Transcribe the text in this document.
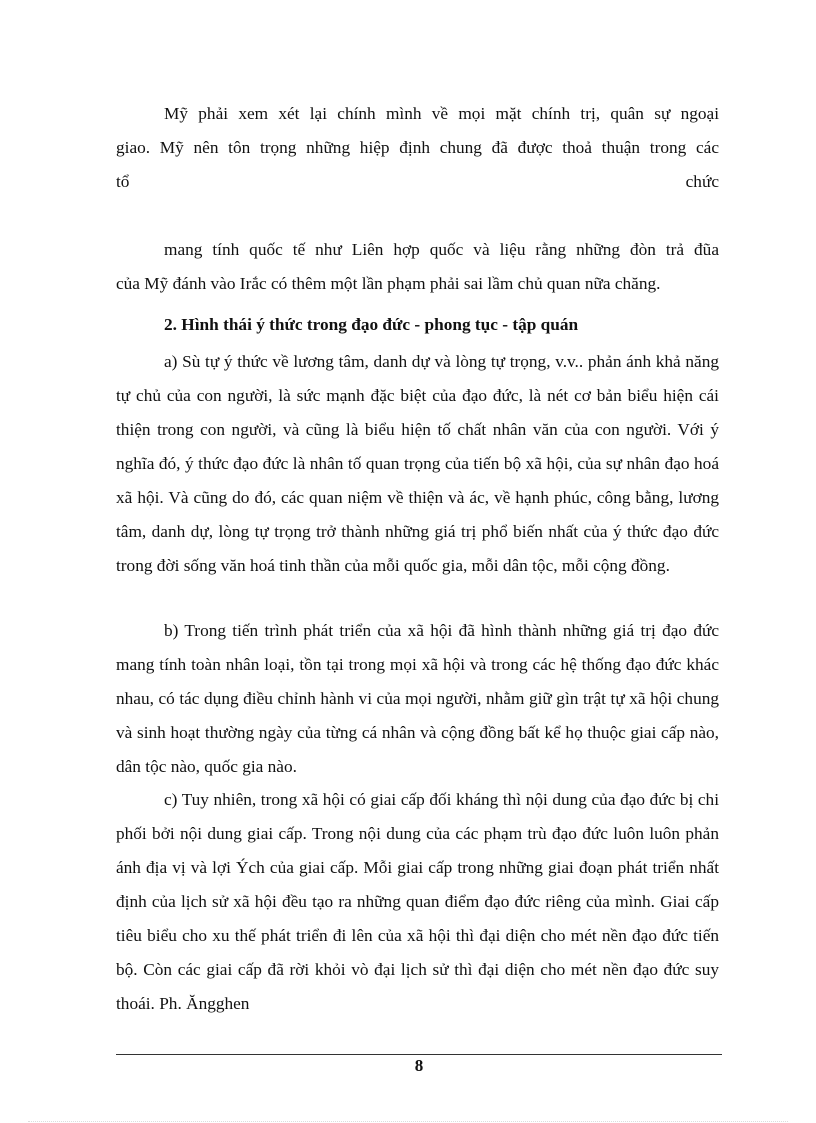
Mỹ phải xem xét lại chính mình về mọi mặt chính trị, quân sự ngoại

giao. Mỹ nên tôn trọng những hiệp định chung đã được thoả thuận trong các

tổ chức

mang tính quốc tế như Liên hợp quốc và liệu rằng những đòn trả đũa

của Mỹ đánh vào Irắc có thêm một lần phạm phải sai lầm chủ quan nữa chăng.

2. Hình thái ý thức trong đạo đức - phong tục - tập quán

a) Sù tự ý thức về lương tâm, danh dự và lòng tự trọng, v.v.. phản ánh khả năng tự chủ của con người, là sức mạnh đặc biệt của đạo đức, là nét cơ bản biểu hiện cái thiện trong con người, và cũng là biểu hiện tố chất nhân văn của con người. Với ý nghĩa đó, ý thức đạo đức là nhân tố quan trọng của tiến bộ xã hội, của sự nhân đạo hoá xã hội. Và cũng do đó, các quan niệm về thiện và ác, về hạnh phúc, công bằng, lương tâm, danh dự, lòng tự trọng trở thành những giá trị phổ biến nhất của ý thức đạo đức trong đời sống văn hoá tinh thần của mỗi quốc gia, mỗi dân tộc, mỗi cộng đồng.

b) Trong tiến trình phát triển của xã hội đã hình thành những giá trị đạo đức mang tính toàn nhân loại, tồn tại trong mọi xã hội và trong các hệ thống đạo đức khác nhau, có tác dụng điều chỉnh hành vi của mọi người, nhằm giữ gìn trật tự xã hội chung và sinh hoạt thường ngày của từng cá nhân và cộng đồng bất kể họ thuộc giai cấp nào, dân tộc nào, quốc gia nào.

c) Tuy nhiên, trong xã hội có giai cấp đối kháng thì nội dung của đạo đức bị chi phối bởi nội dung giai cấp. Trong nội dung của các phạm trù đạo đức luôn luôn phản ánh địa vị và lợi Ých của giai cấp. Mỗi giai cấp trong những giai đoạn phát triển nhất định của lịch sử xã hội đều tạo ra những quan điểm đạo đức riêng của mình. Giai cấp tiêu biểu cho xu thế phát triển đi lên của xã hội thì đại diện cho mét nền đạo đức tiến bộ. Còn các giai cấp đã rời khỏi vò đại lịch sử thì đại diện cho mét nền đạo đức suy thoái. Ph. Ăngghen

8
